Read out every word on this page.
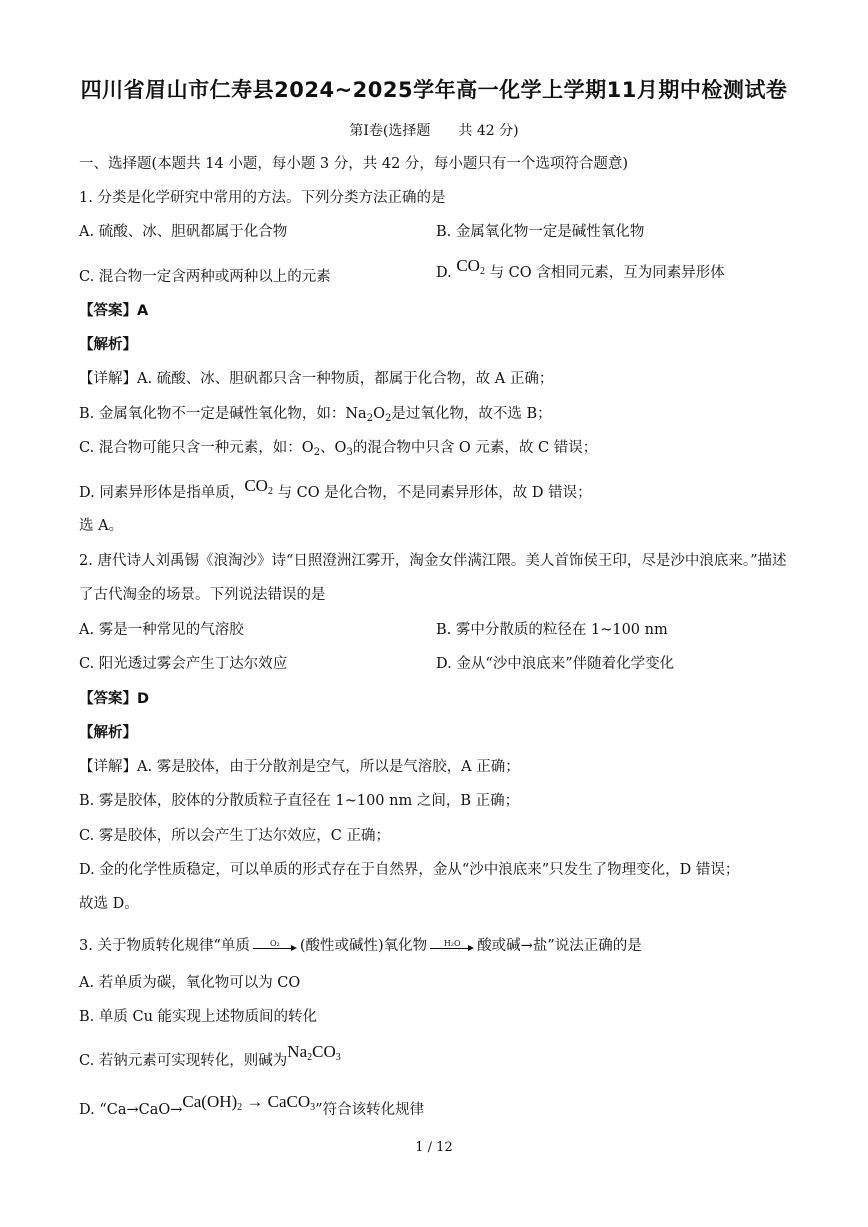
四川省眉山市仁寿县2024~2025学年高一化学上学期11月期中检测试卷
第Ⅰ卷(选择题　　共 42 分)
一、选择题(本题共 14 小题，每小题 3 分，共 42 分，每小题只有一个选项符合题意)
1. 分类是化学研究中常用的方法。下列分类方法正确的是
A. 硫酸、冰、胆矾都属于化合物	B. 金属氧化物一定是碱性氧化物
C. 混合物一定含两种或两种以上的元素	D. $CO_2$ 与 CO 含相同元素，互为同素异形体
【答案】A
【解析】
【详解】A. 硫酸、冰、胆矾都只含一种物质，都属于化合物，故 A 正确；
B. 金属氧化物不一定是碱性氧化物，如：$Na_2O_2$是过氧化物，故不选 B；
C. 混合物可能只含一种元素，如：$O_2$、$O_3$的混合物中只含 O 元素，故 C 错误；
D. 同素异形体是指单质，$CO_2$ 与 CO 是化合物，不是同素异形体，故 D 错误；
选 A。
2. 唐代诗人刘禹锡《浪淘沙》诗“日照澄洲江雾开，淘金女伴满江隈。美人首饰侯王印，尽是沙中浪底来。”描述
了古代淘金的场景。下列说法错误的是
A. 雾是一种常见的气溶胶	B. 雾中分散质的粒径在 1~100 nm
C. 阳光透过雾会产生丁达尔效应	D. 金从“沙中浪底来”伴随着化学变化
【答案】D
【解析】
【详解】A. 雾是胶体，由于分散剂是空气，所以是气溶胶，A 正确；
B. 雾是胶体，胶体的分散质粒子直径在 1~100 nm 之间，B 正确；
C. 雾是胶体，所以会产生丁达尔效应，C 正确；
D. 金的化学性质稳定，可以单质的形式存在于自然界，金从“沙中浪底来”只发生了物理变化，D 错误；
故选 D。
3. 关于物质转化规律“单质	O₂	(酸性或碱性)氧化物	H₂O	酸或碱→盐”说法正确的是
A. 若单质为碳，氧化物可以为 CO
B. 单质 Cu 能实现上述物质间的转化
C. 若钠元素可实现转化，则碱为$Na_2CO_3$
D. “$Ca\to CaO\to Ca(OH)_2$ → CaCO$_3$”符合该转化规律
1 / 12
